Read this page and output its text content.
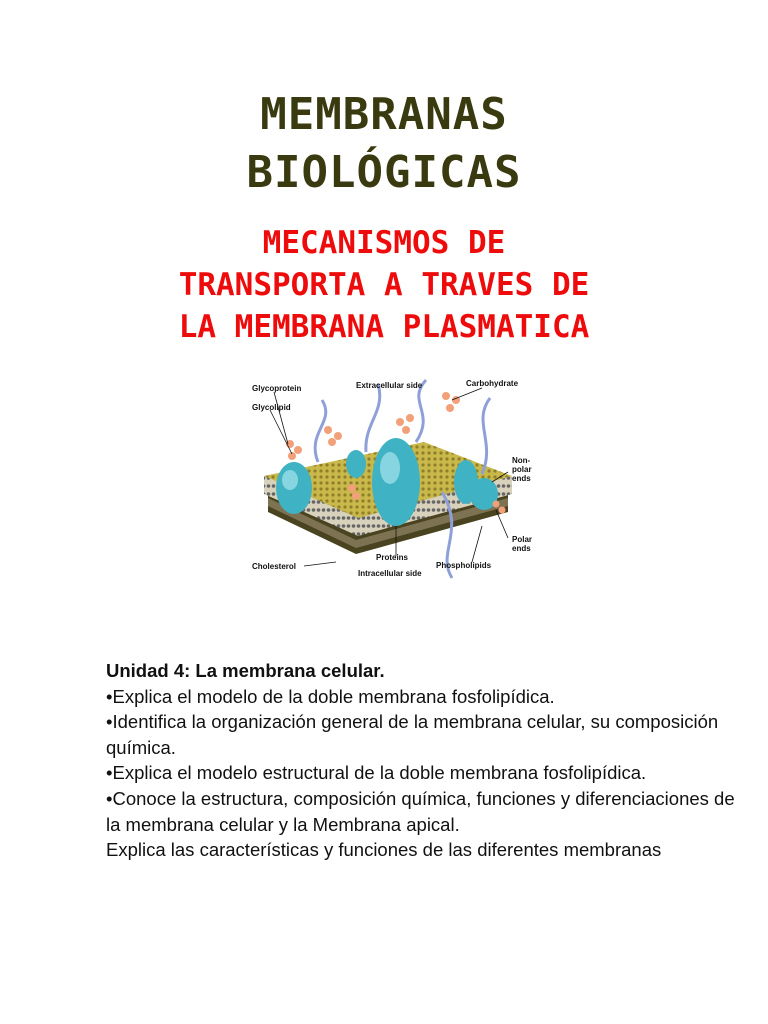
MEMBRANAS
BIOLÓGICAS
MECANISMOS DE
TRANSPORTA A TRAVES DE
LA MEMBRANA PLASMATICA
Glycoprotein
Glycolipid
Extracellular side	Carbohydrate
Non-
polar
ends
Polar
ends
Cholesterol
Proteins
Intracellular side
Phospholipids
Unidad 4: La membrana celular.
•Explica el modelo de la doble membrana fosfolipídica.
•Identifica la organización general de la membrana celular, su composición química.
•Explica el modelo estructural de la doble membrana fosfolipídica.
•Conoce la estructura, composición química, funciones y diferenciaciones de la membrana celular y la Membrana apical.
Explica las características y funciones de las diferentes membranas
